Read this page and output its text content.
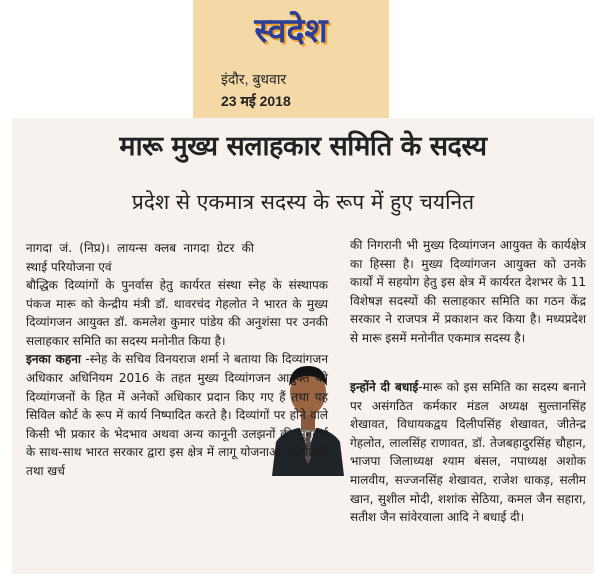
स्वदेश
इंदौर, बुधवार
23 मई 2018
मारू मुख्य सलाहकार समिति के सदस्य
प्रदेश से एकमात्र सदस्य के रूप में हुए चयनित

नागदा जं. (निप्र)। लायन्स क्लब नागदा ग्रेटर की स्थाई परियोजना एवं

बौद्धिक दिव्यांगों के पुनर्वास हेतु कार्यरत संस्था स्नेह के संस्थापक पंकज मारू को केन्द्रीय मंत्री डॉ. थावरचंद गेहलोत ने भारत के मुख्य दिव्यांगजन आयुक्त डॉ. कमलेश कुमार पांडेय की अनुशंसा पर उनकी सलाहकार समिति का सदस्य मनोनीत किया है।

इनका कहना -स्नेह के सचिव विनयराज शर्मा ने बताया कि दिव्यांगजन अधिकार अधिनियम 2016 के तहत मुख्य दिव्यांगजन आयुक्त को दिव्यांगजनों के हित में अनेकों अधिकार प्रदान किए गए हैं तथा यह सिविल कोर्ट के रूप में कार्य निष्पादित करते है। दिव्यांगों पर होने वाले किसी भी प्रकार के भेदभाव अथवा अन्य कानूनी उलझनों की सुनवाई के साथ-साथ भारत सरकार द्वारा इस क्षेत्र में लागू योजनाओं, कार्यक्रमों तथा खर्च

की निगरानी भी मुख्य दिव्यांगजन आयुक्त के कार्यक्षेत्र का हिस्सा है। मुख्य दिव्यांगजन आयुक्त को उनके कार्यों में सहयोग हेतु इस क्षेत्र में कार्यरत देशभर के 11 विशेषज्ञ सदस्यों की सलाहकार समिति का गठन केंद्र सरकार ने राजपत्र में प्रकाशन कर किया है। मध्यप्रदेश से मारू इसमें मनोनीत एकमात्र सदस्य है।

इन्होंने दी बधाई-मारू को इस समिति का सदस्य बनाने पर असंगठित कर्मकार मंडल अध्यक्ष सुल्तानसिंह शेखावत, विधायकद्वय दिलीपसिंह शेखावत, जीतेन्द्र गेहलोत, लालसिंह राणावत, डॉ. तेजबहादुरसिंह चौहान, भाजपा जिलाध्यक्ष श्याम बंसल, नपाध्यक्ष अशोक मालवीय, सज्जनसिंह शेखावत, राजेश धाकड़, सलीम खान, सुशील मोदी, शशांक सेठिया, कमल जैन सहारा, सतीश जैन सांवेरवाला आदि ने बधाई दी।
